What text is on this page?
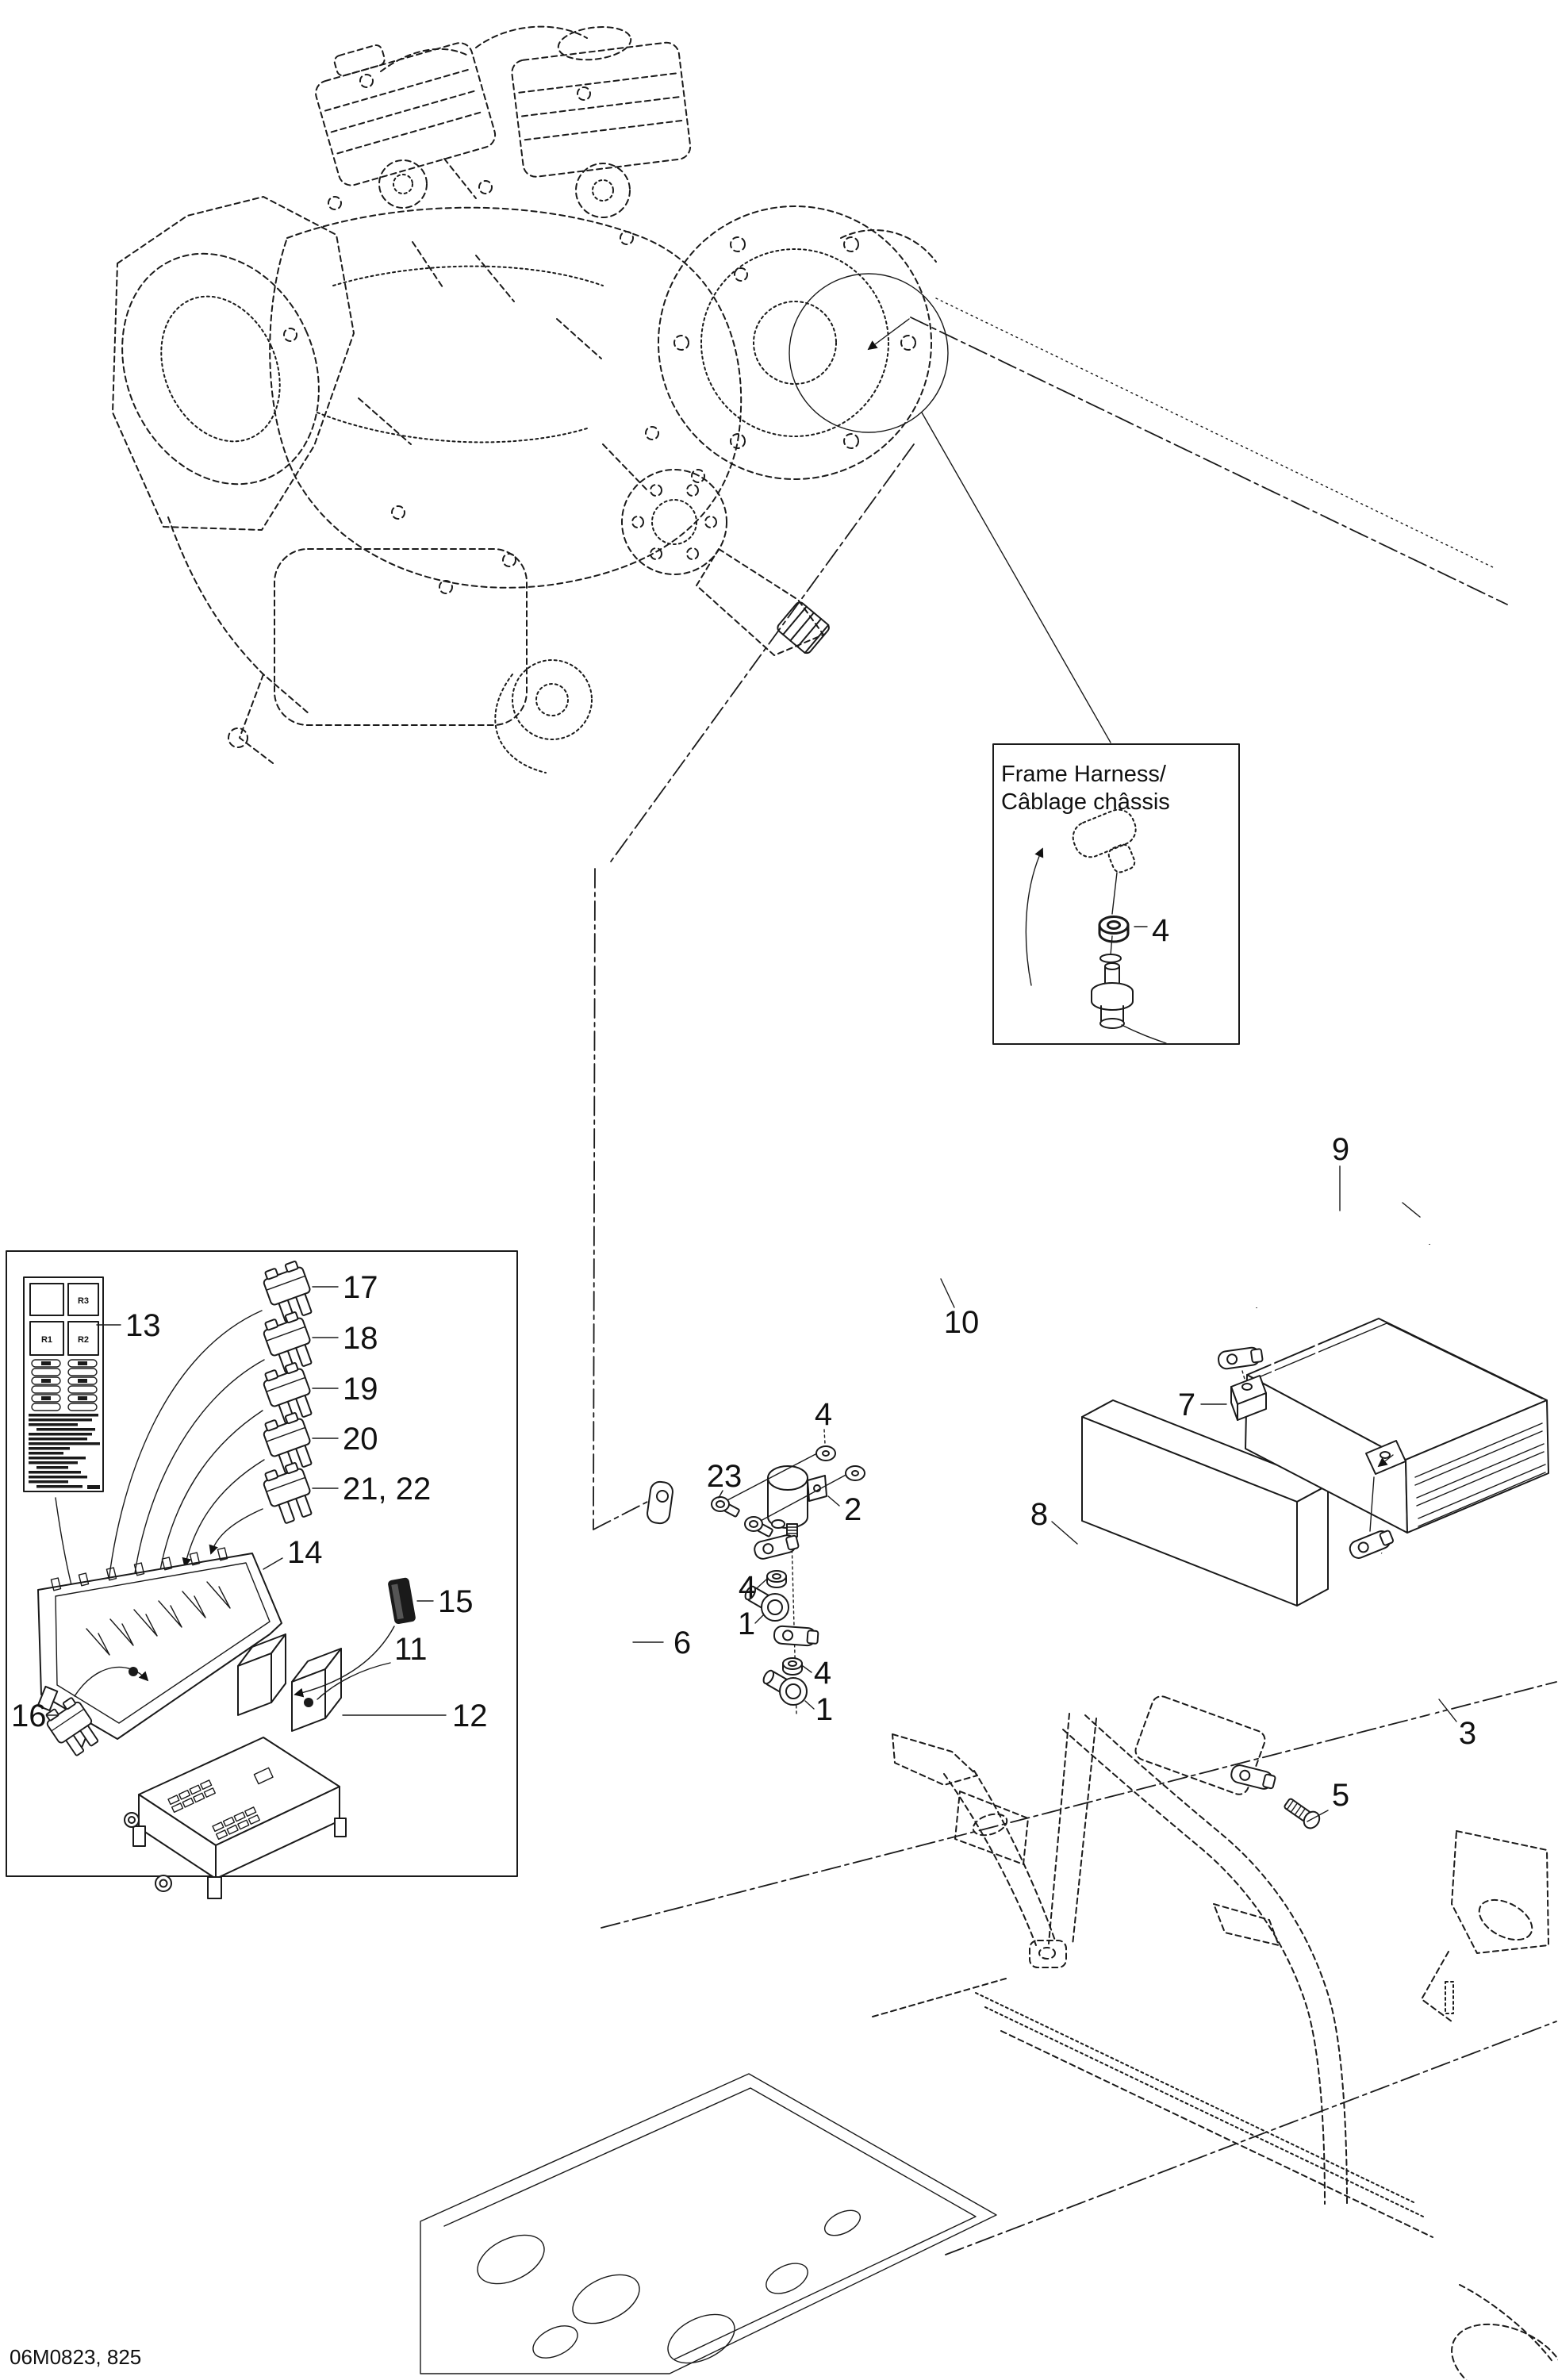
Frame Harness/
Câblage châssis
4
R3
R1	R2 13
17
18
19
20
21, 22
14
15
11
12
16
23
2
4
4
1
4
1
6
10
9
7
8
3
5
06M0823, 825
